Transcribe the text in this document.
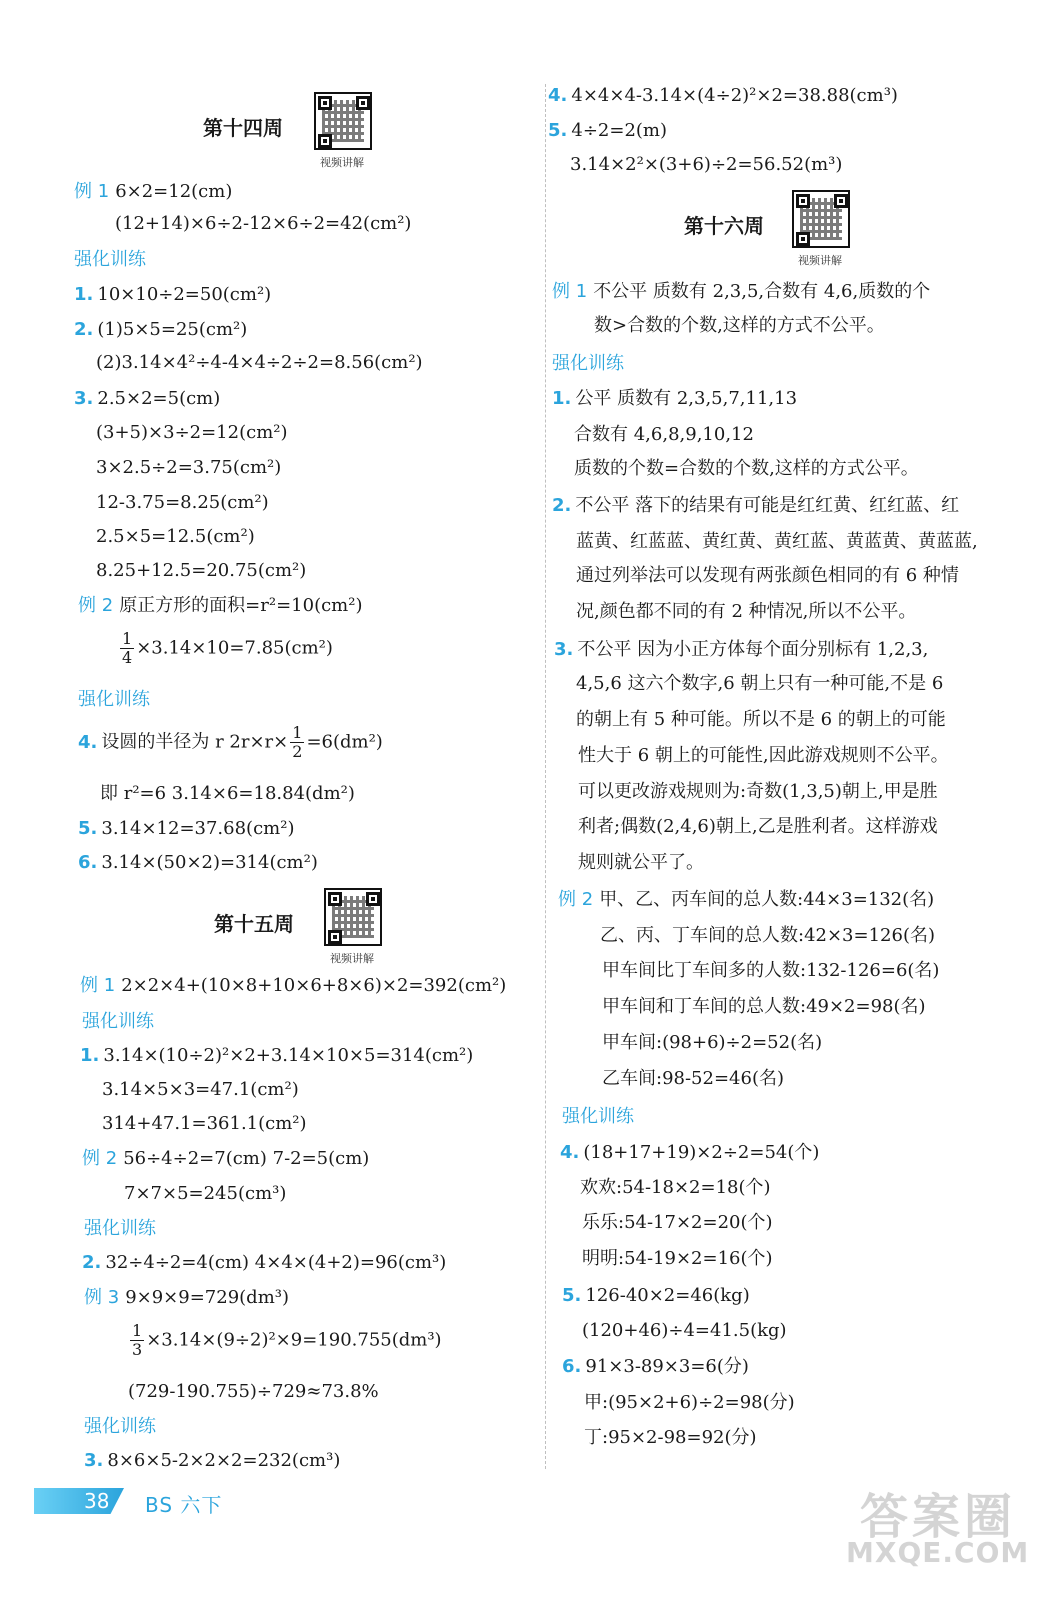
第十四周
视频讲解
例 1 6×2=12(cm)
(12+14)×6÷2-12×6÷2=42(cm²)
强化训练
1. 10×10÷2=50(cm²)
2. (1)5×5=25(cm²)
(2)3.14×4²÷4-4×4÷2÷2=8.56(cm²)
3. 2.5×2=5(cm)
(3+5)×3÷2=12(cm²)
3×2.5÷2=3.75(cm²)
12-3.75=8.25(cm²)
2.5×5=12.5(cm²)
8.25+12.5=20.75(cm²)
例 2 原正方形的面积=r²=10(cm²)
$\frac{1}{4} \times 3.14\times 10=7.85(cm^2)$
强化训练
4. 设圆的半径为 r $2r\times r\times \frac{1}{2} =6(dm^2)$
即 r²=6 3.14×6=18.84(dm²)
5. 3.14×12=37.68(cm²)
6. 3.14×(50×2)=314(cm²)
第十五周
视频讲解
例 1 2×2×4+(10×8+10×6+8×6)×2=392(cm²)
强化训练
1. 3.14×(10÷2)²×2+3.14×10×5=314(cm²)
3.14×5×3=47.1(cm²)
314+47.1=361.1(cm²)
例 2 56÷4÷2=7(cm) 7-2=5(cm)
7×7×5=245(cm³)
强化训练
2. 32÷4÷2=4(cm) 4×4×(4+2)=96(cm³)
例 3 9×9×9=729(dm³)
$\frac{1}{3} \times 3.14\times(9\div 2)^2\times 9=190.755(dm^3)$
(729-190.755)÷729≈73.8%
强化训练
3. 8×6×5-2×2×2=232(cm³)
4. 4×4×4-3.14×(4÷2)²×2=38.88(cm³)
5. 4÷2=2(m)
3.14×2²×(3+6)÷2=56.52(m³)
第十六周
视频讲解
例 1 不公平 质数有 2,3,5,合数有 4,6,质数的个
数>合数的个数,这样的方式不公平。
强化训练
1. 公平 质数有 2,3,5,7,11,13
合数有 4,6,8,9,10,12
质数的个数=合数的个数,这样的方式公平。
2. 不公平 落下的结果有可能是红红黄、红红蓝、红
蓝黄、红蓝蓝、黄红黄、黄红蓝、黄蓝黄、黄蓝蓝,
通过列举法可以发现有两张颜色相同的有 6 种情
况,颜色都不同的有 2 种情况,所以不公平。
3. 不公平 因为小正方体每个面分别标有 1,2,3,
4,5,6 这六个数字,6 朝上只有一种可能,不是 6
的朝上有 5 种可能。所以不是 6 的朝上的可能
性大于 6 朝上的可能性,因此游戏规则不公平。
可以更改游戏规则为:奇数(1,3,5)朝上,甲是胜
利者;偶数(2,4,6)朝上,乙是胜利者。这样游戏
规则就公平了。
例 2 甲、乙、丙车间的总人数:44×3=132(名)
乙、丙、丁车间的总人数:42×3=126(名)
甲车间比丁车间多的人数:132-126=6(名)
甲车间和丁车间的总人数:49×2=98(名)
甲车间:(98+6)÷2=52(名)
乙车间:98-52=46(名)
强化训练
4. (18+17+19)×2÷2=54(个)
欢欢:54-18×2=18(个)
乐乐:54-17×2=20(个)
明明:54-19×2=16(个)
5. 126-40×2=46(kg)
(120+46)÷4=41.5(kg)
6. 91×3-89×3=6(分)
甲:(95×2+6)÷2=98(分)
丁:95×2-98=92(分)
38 BS 六下	答案圈
MXQE.COM
